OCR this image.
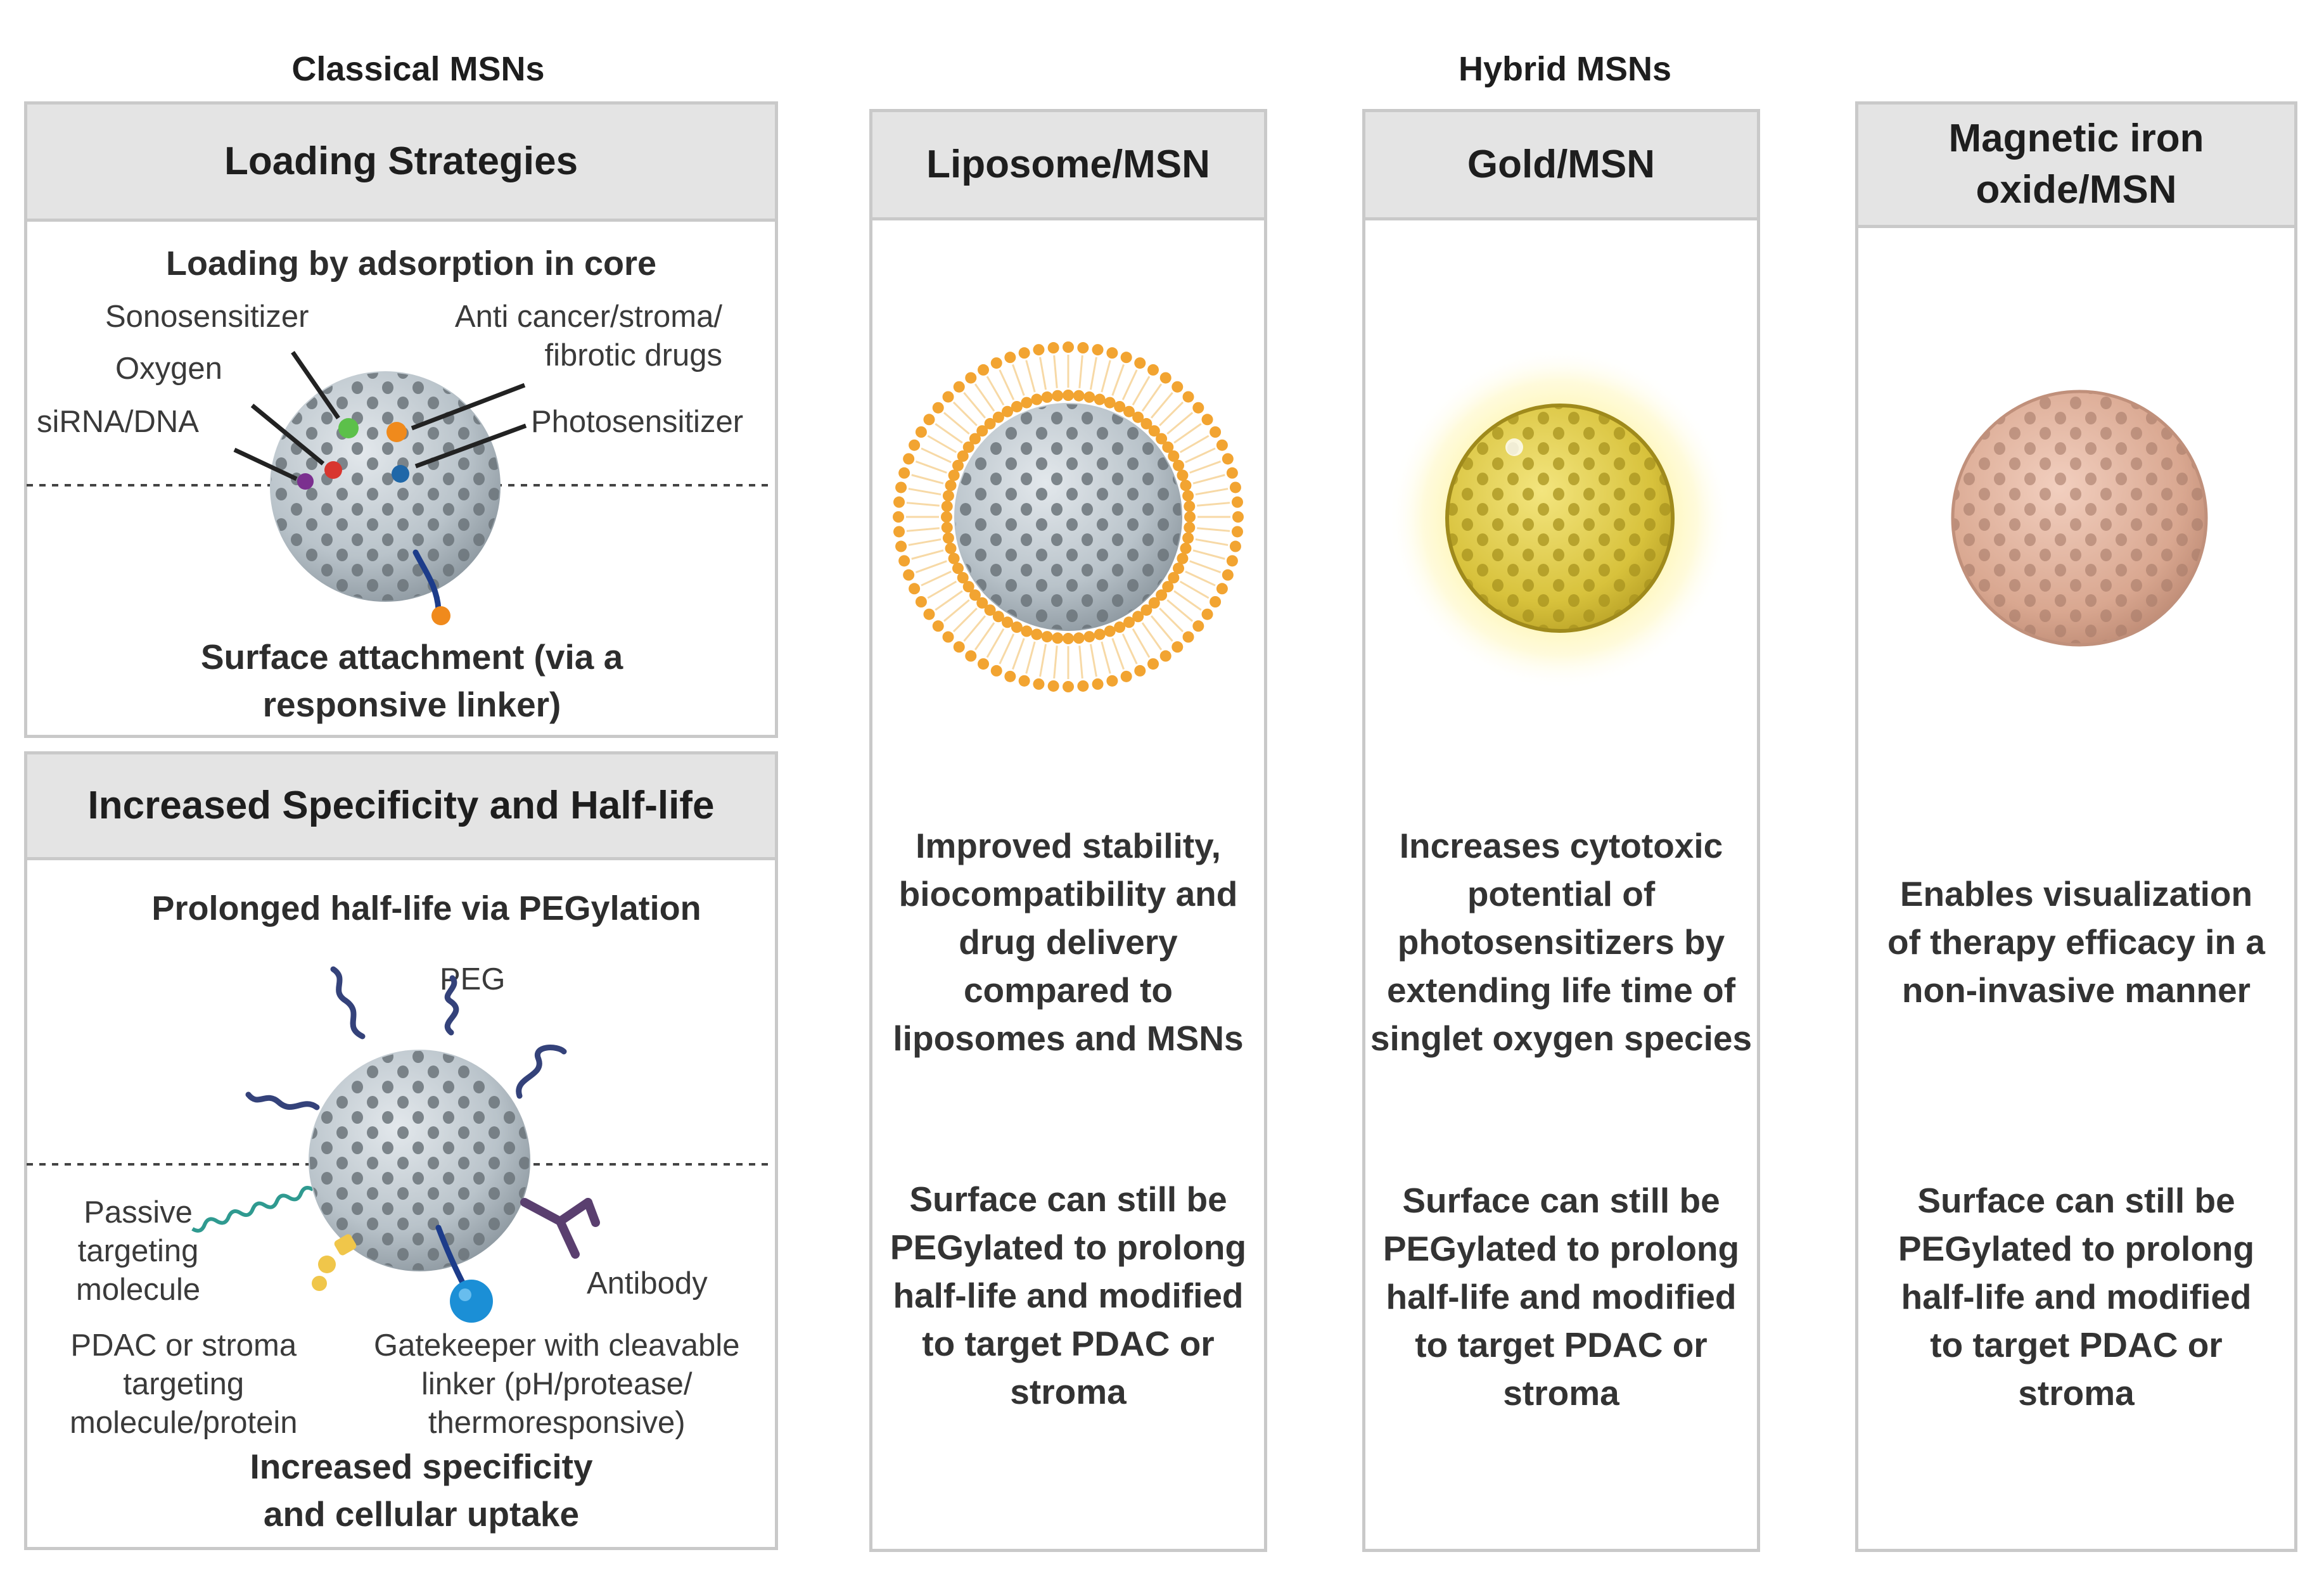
Classical MSNs	Hybrid MSNs
Loading Strategies
Loading by adsorption in core
Sonosensitizer	Anti cancer/stroma/
fibrotic drugs
Oxygen
siRNA/DNA	Photosensitizer
Surface attachment (via a
responsive linker)
Increased Specificity and Half-life
Prolonged half-life via PEGylation
PEG
Passive
targeting
molecule	Antibody
PDAC or stroma
targeting
molecule/protein
Gatekeeper with cleavable
linker (pH/protease/
thermoresponsive)
Increased specificity
and cellular uptake
Liposome/MSN
Improved stability,
biocompatibility and
drug delivery
compared to
liposomes and MSNs
Surface can still be
PEGylated to prolong
half-life and modified
to target PDAC or
stroma
Gold/MSN
Increases cytotoxic
potential of
photosensitizers by
extending life time of
singlet oxygen species
Surface can still be
PEGylated to prolong
half-life and modified
to target PDAC or
stroma
Magnetic iron
oxide/MSN
Enables visualization
of therapy efficacy in a
non-invasive manner
Surface can still be
PEGylated to prolong
half-life and modified
to target PDAC or
stroma
